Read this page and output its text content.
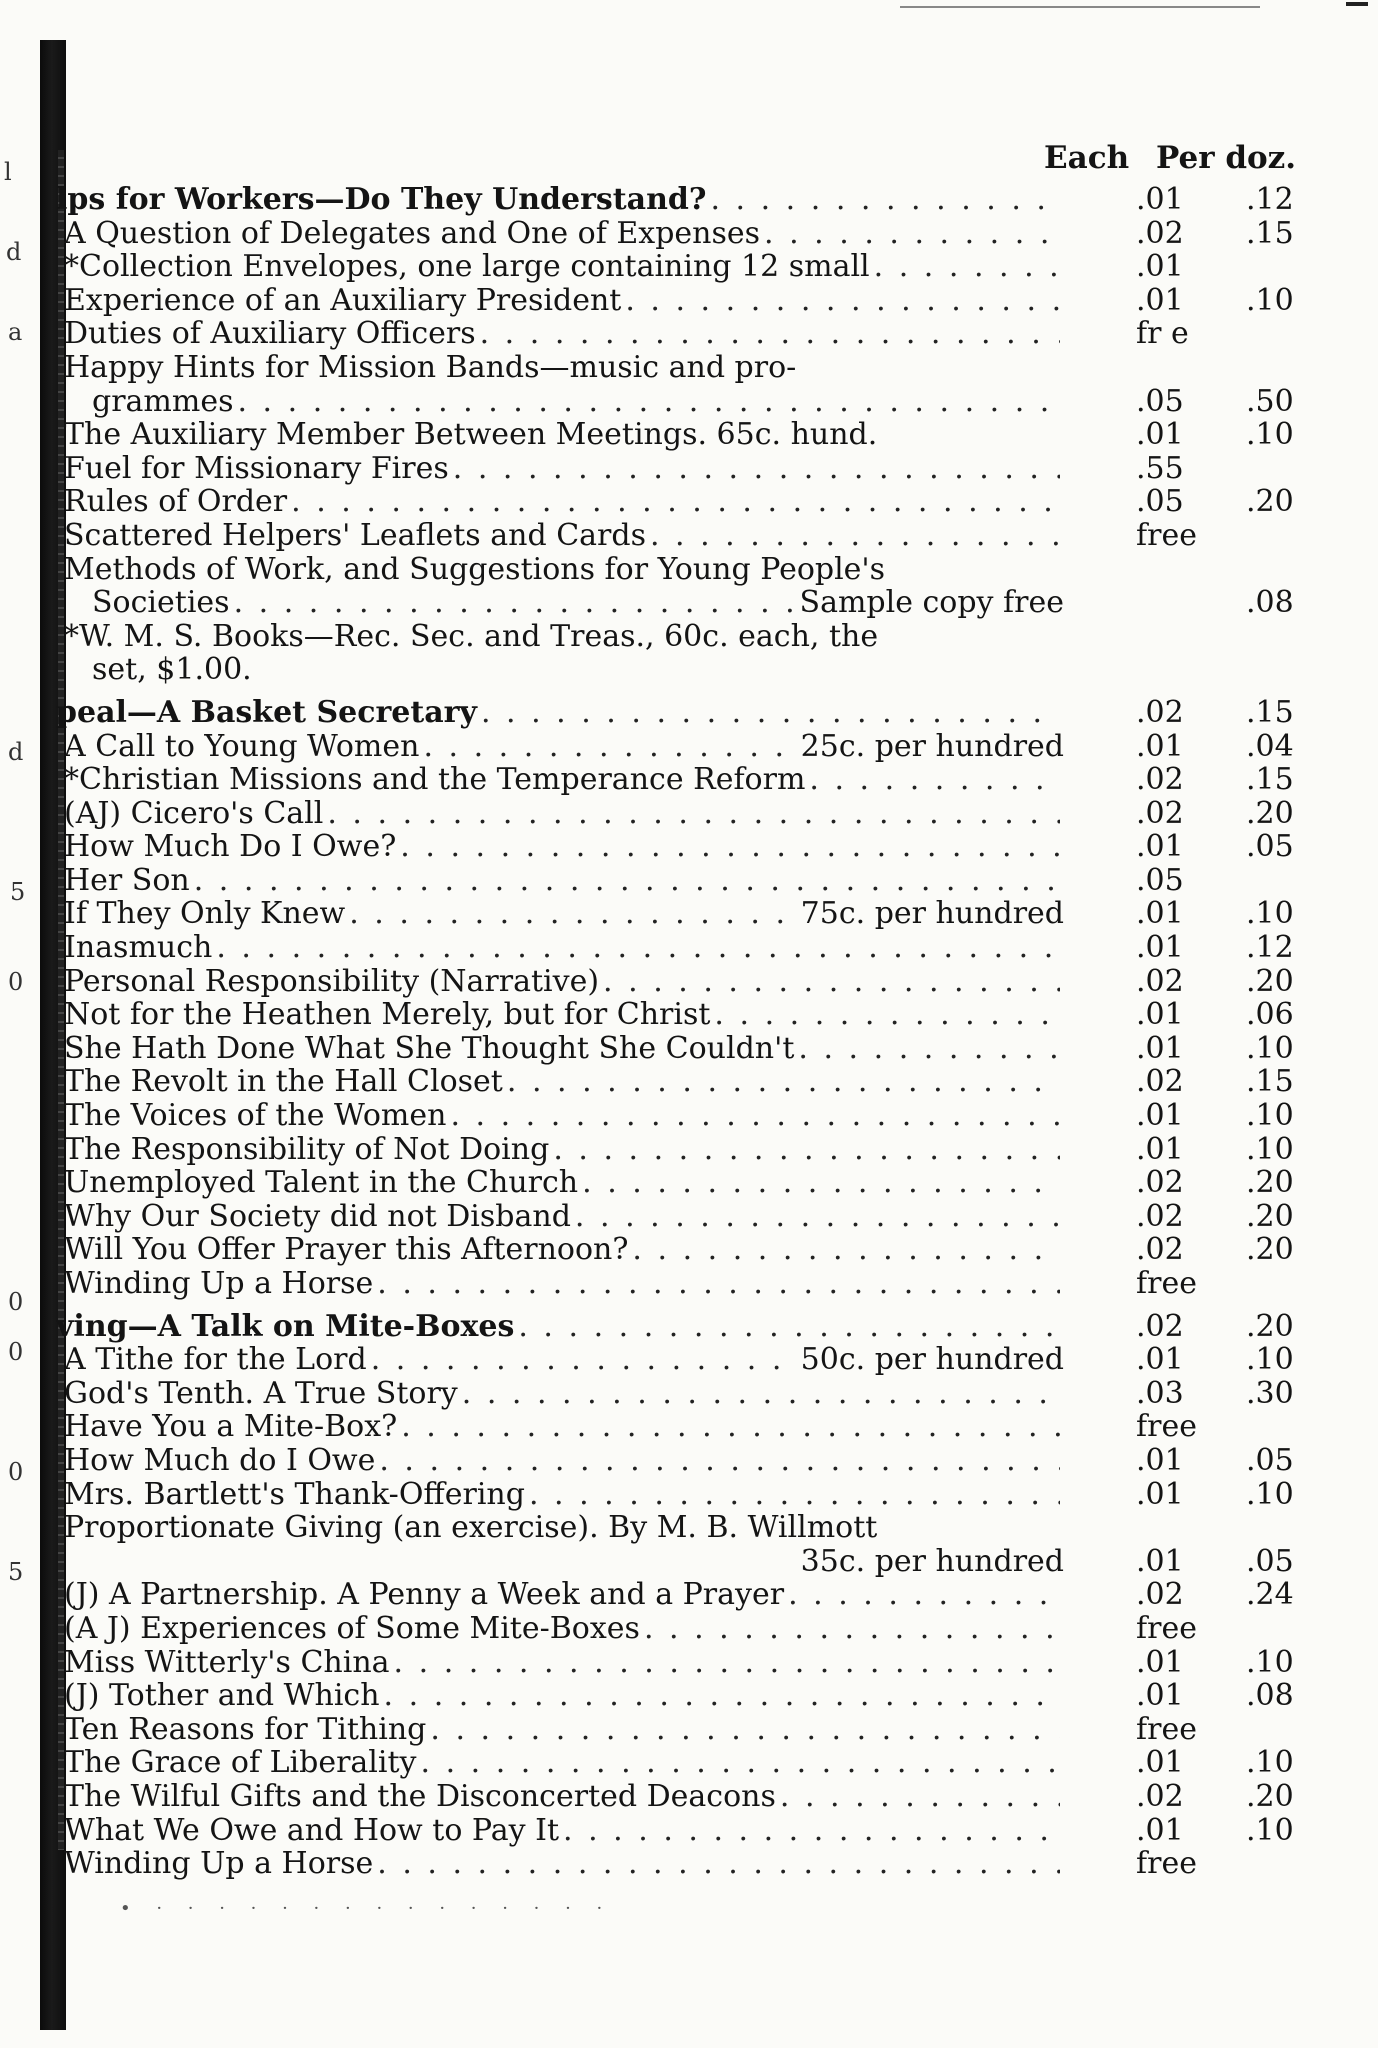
Each Per doz.
lps for Workers—Do They Understand? . . .	.01	.12
A Question of Delegates and One of Expenses . . .	.02	.15
*Collection Envelopes, one large containing 12 small . . .	.01
Experience of an Auxiliary President . . .	.01	.10
Duties of Auxiliary Officers . . .	fr e
Happy Hints for Mission Bands—music and pro-
grammes . . .	.05	.50
The Auxiliary Member Between Meetings. 65c. hund.	.01	.10
Fuel for Missionary Fires . . .	.55
Rules of Order . . .	.05	.20
Scattered Helpers' Leaflets and Cards . . .	free
Methods of Work, and Suggestions for Young People's
Societies . . .	Sample copy free	.08
*W. M. S. Books—Rec. Sec. and Treas., 60c. each, the
set, $1.00.
peal—A Basket Secretary . . .	.02	.15
A Call to Young Women . . .	25c. per hundred .01	.04
*Christian Missions and the Temperance Reform . . .	.02	.15
(AJ) Cicero's Call . . .	.02	.20
How Much Do I Owe? . . .	.01	.05
Her Son . . .	.05
If They Only Knew . . .	75c. per hundred .01	.10
Inasmuch . . .	.01	.12
Personal Responsibility (Narrative) . . .	.02	.20
Not for the Heathen Merely, but for Christ . . .	.01	.06
She Hath Done What She Thought She Couldn't . . .	.01	.10
The Revolt in the Hall Closet . . .	.02	.15
The Voices of the Women . . .	.01	.10
The Responsibility of Not Doing . . .	.01	.10
Unemployed Talent in the Church . . .	.02	.20
Why Our Society did not Disband . . .	.02	.20
Will You Offer Prayer this Afternoon? . . .	.02	.20
Winding Up a Horse . . .	free
ving—A Talk on Mite-Boxes . . .	.02	.20
A Tithe for the Lord . . .	50c. per hundred .01	.10
God's Tenth. A True Story . . .	.03	.30
Have You a Mite-Box? . . .	free
How Much do I Owe . . .	.01	.05
Mrs. Bartlett's Thank-Offering . . .	.01	.10
Proportionate Giving (an exercise). By M. B. Willmott
35c. per hundred .01	.05
(J) A Partnership. A Penny a Week and a Prayer . . .	.02	.24
(A J) Experiences of Some Mite-Boxes . . .	free
Miss Witterly's China . . .	.01	.10
(J) Tother and Which . . .	.01	.08
Ten Reasons for Tithing . . .	free
The Grace of Liberality . . .	.01	.10
The Wilful Gifts and the Disconcerted Deacons . . .	.02	.20
What We Owe and How to Pay It . . .	.01	.10
Winding Up a Horse . . .	free
• · · · · · · · · · · · · · · ·
l
d
a
d
5
0
0
0
0
5
